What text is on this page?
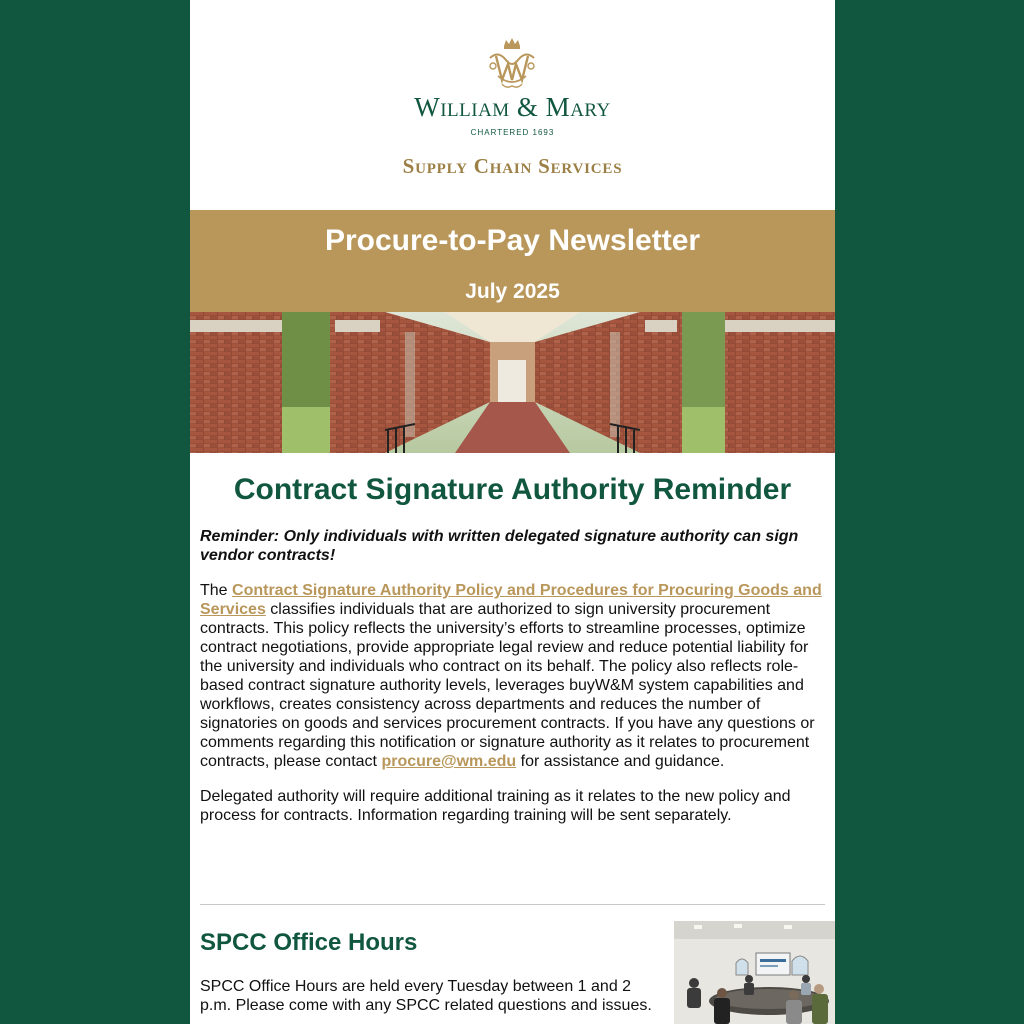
William & Mary
CHARTERED 1693
Supply Chain Services
Procure-to-Pay Newsletter
July 2025
Contract Signature Authority Reminder
Reminder: Only individuals with written delegated signature authority can sign vendor contracts!

The Contract Signature Authority Policy and Procedures for Procuring Goods and Services classifies individuals that are authorized to sign university procurement contracts. This policy reflects the university’s efforts to streamline processes, optimize contract negotiations, provide appropriate legal review and reduce potential liability for the university and individuals who contract on its behalf. The policy also reflects role-based contract signature authority levels, leverages buyW&M system capabilities and workflows, creates consistency across departments and reduces the number of signatories on goods and services procurement contracts. If you have any questions or comments regarding this notification or signature authority as it relates to procurement contracts, please contact procure@wm.edu for assistance and guidance.

Delegated authority will require additional training as it relates to the new policy and process for contracts. Information regarding training will be sent separately.

SPCC Office Hours
SPCC Office Hours are held every Tuesday between 1 and 2 p.m. Please come with any SPCC related questions and issues.
